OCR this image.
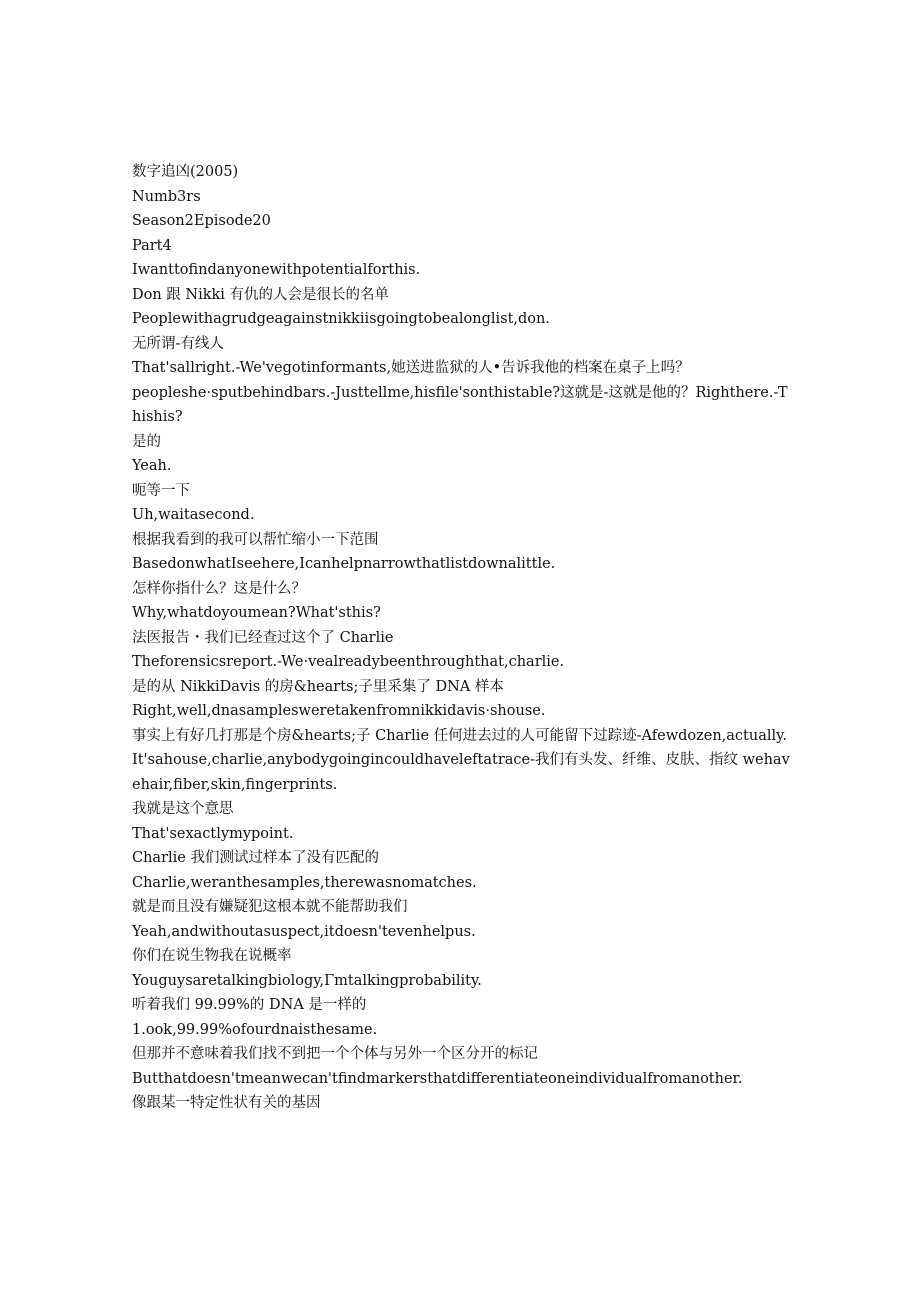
数字追凶(2005)

Numb3rs

Season2Episode20

Part4

Iwanttofindanyonewithpotentialforthis.

Don 跟 Nikki 有仇的人会是很长的名单

Peoplewithagrudgeagainstnikkiisgoingtobealonglist,don.

无所谓-有线人

That'sallright.-We'vegotinformants,她送进监狱的人•告诉我他的档案在桌子上吗？

peopleshe·sputbehindbars.-Justtellme,hisfile'sonthistable?这就是-这就是他的？Righthere.-Thishis?

是的

Yeah.

呃等一下

Uh,waitasecond.

根据我看到的我可以帮忙缩小一下范围

BasedonwhatIseehere,Icanhelpnarrowthatlistdownalittle.

怎样你指什么？这是什么？

Why,whatdoyoumean?What'sthis?

法医报告・我们已经查过这个了 Charlie

Theforensicsreport.-We·vealreadybeenthroughthat,charlie.

是的从 NikkiDavis 的房&hearts;子里采集了 DNA 样本

Right,well,dnasamplesweretakenfromnikkidavis·shouse.

事实上有好几打那是个房&hearts;子 Charlie 任何进去过的人可能留下过踪迹-Afewdozen,actually.It'sahouse,charlie,anybodygoingincouldhaveleftatrace-我们有头发、纤维、皮肤、指纹 wehavehair,fiber,skin,fingerprints.

我就是这个意思

That'sexactlymypoint.

Charlie 我们测试过样本了没有匹配的

Charlie,weranthesamples,therewasnomatches.

就是而且没有嫌疑犯这根本就不能帮助我们

Yeah,andwithoutasuspect,itdoesn'tevenhelpus.

你们在说生物我在说概率

Youguysaretalkingbiology,Γmtalkingprobability.

听着我们 99.99%的 DNA 是一样的

1.ook,99.99%ofourdnaisthesame.

但那并不意味着我们找不到把一个个体与另外一个区分开的标记

Butthatdoesn'tmeanwecan'tfindmarkersthatdifferentiateoneindividualfromanother.

像跟某一特定性状有关的基因
